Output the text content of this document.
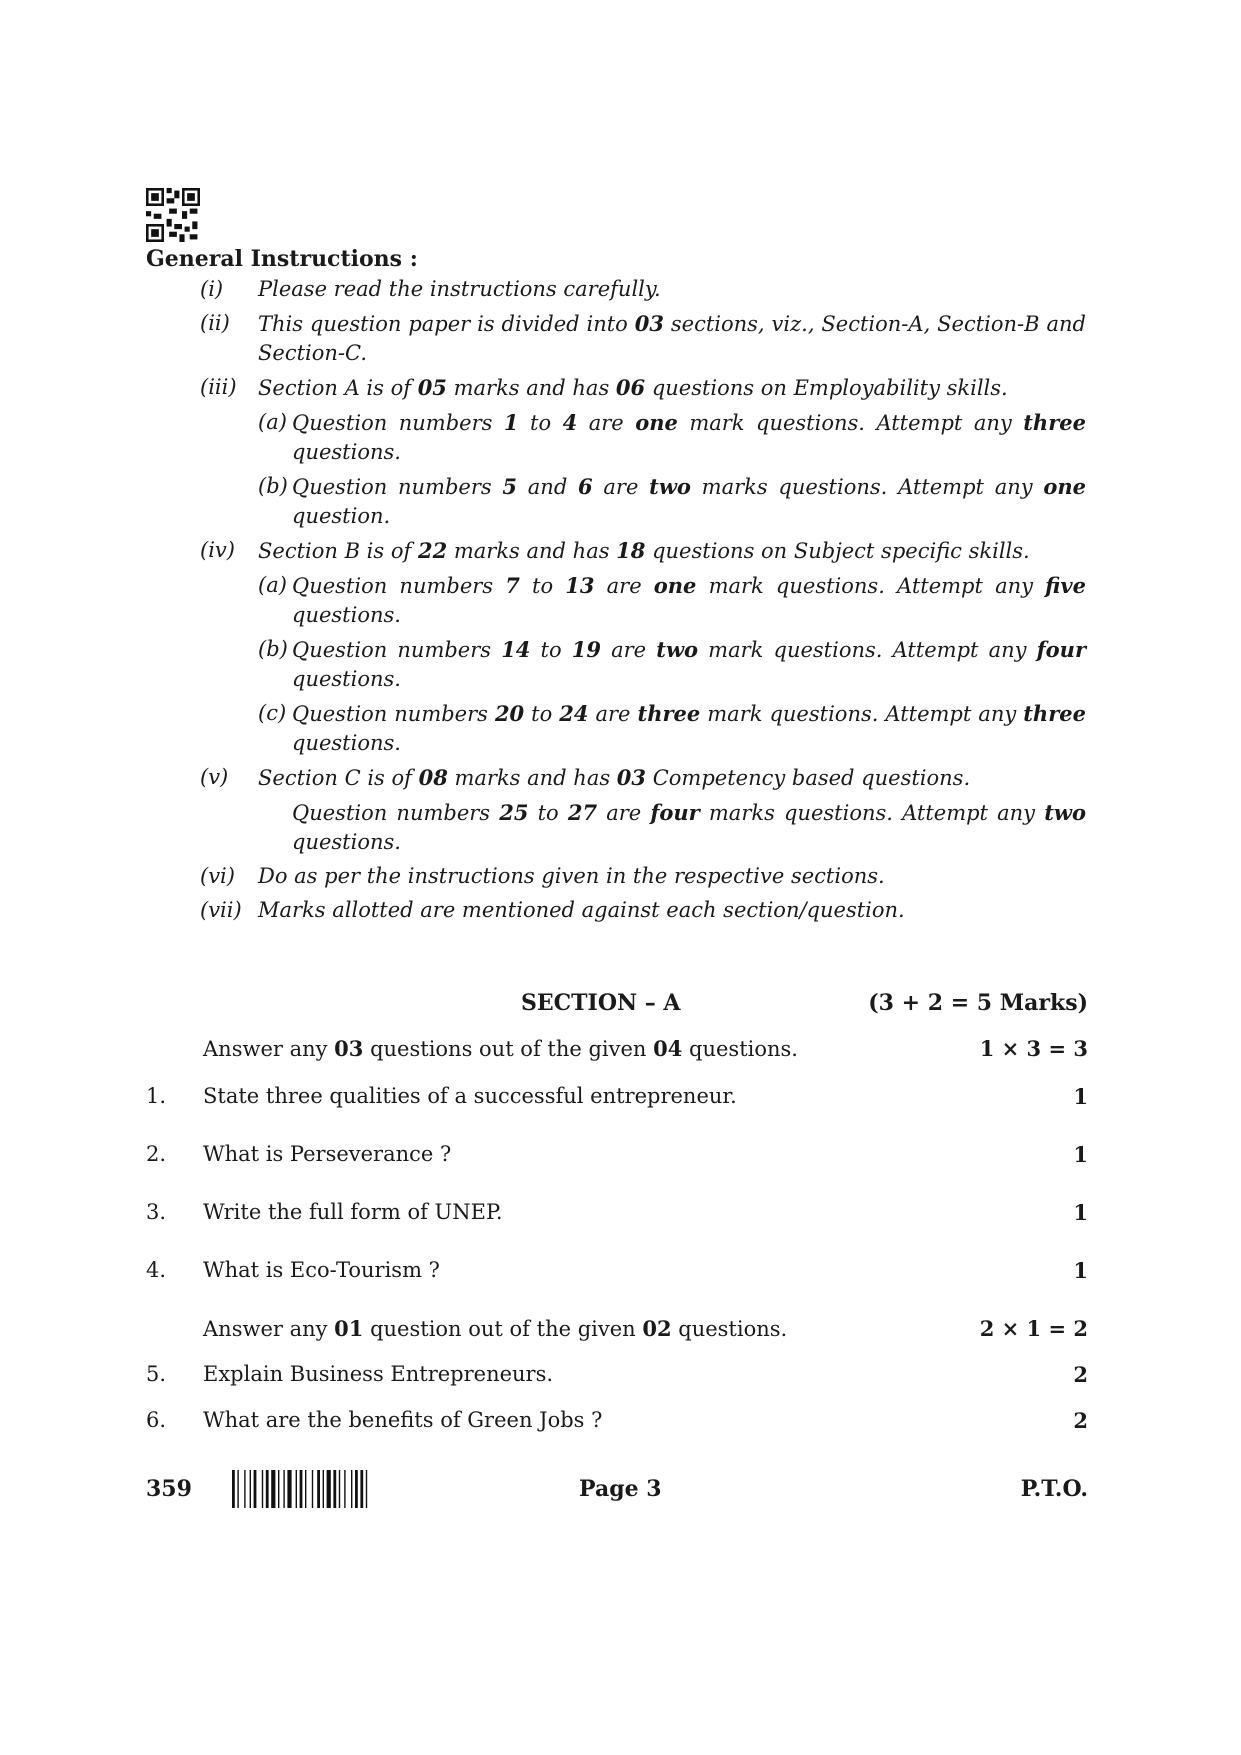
General Instructions :
(i)	Please read the instructions carefully.
(ii)	This question paper is divided into 03 sections, viz., Section-A, Section-B and Section-C.
(iii)	Section A is of 05 marks and has 06 questions on Employability skills.
(a) Question numbers 1 to 4 are one mark questions. Attempt any three questions.
(b) Question numbers 5 and 6 are two marks questions. Attempt any one question.
(iv)	Section B is of 22 marks and has 18 questions on Subject specific skills.
(a) Question numbers 7 to 13 are one mark questions. Attempt any five questions.
(b) Question numbers 14 to 19 are two mark questions. Attempt any four questions.
(c) Question numbers 20 to 24 are three mark questions. Attempt any three questions.
(v)	Section C is of 08 marks and has 03 Competency based questions.
Question numbers 25 to 27 are four marks questions. Attempt any two questions.
(vi)	Do as per the instructions given in the respective sections.
(vii) Marks allotted are mentioned against each section/question.
SECTION – A	(3 + 2 = 5 Marks)
Answer any 03 questions out of the given 04 questions.	1 × 3 = 3
1. State three qualities of a successful entrepreneur.	1
2. What is Perseverance ?	1
3. Write the full form of UNEP.	1
4. What is Eco-Tourism ?	1
Answer any 01 question out of the given 02 questions.	2 × 1 = 2
5. Explain Business Entrepreneurs.	2
6. What are the benefits of Green Jobs ?	2
359	Page 3	P.T.O.
